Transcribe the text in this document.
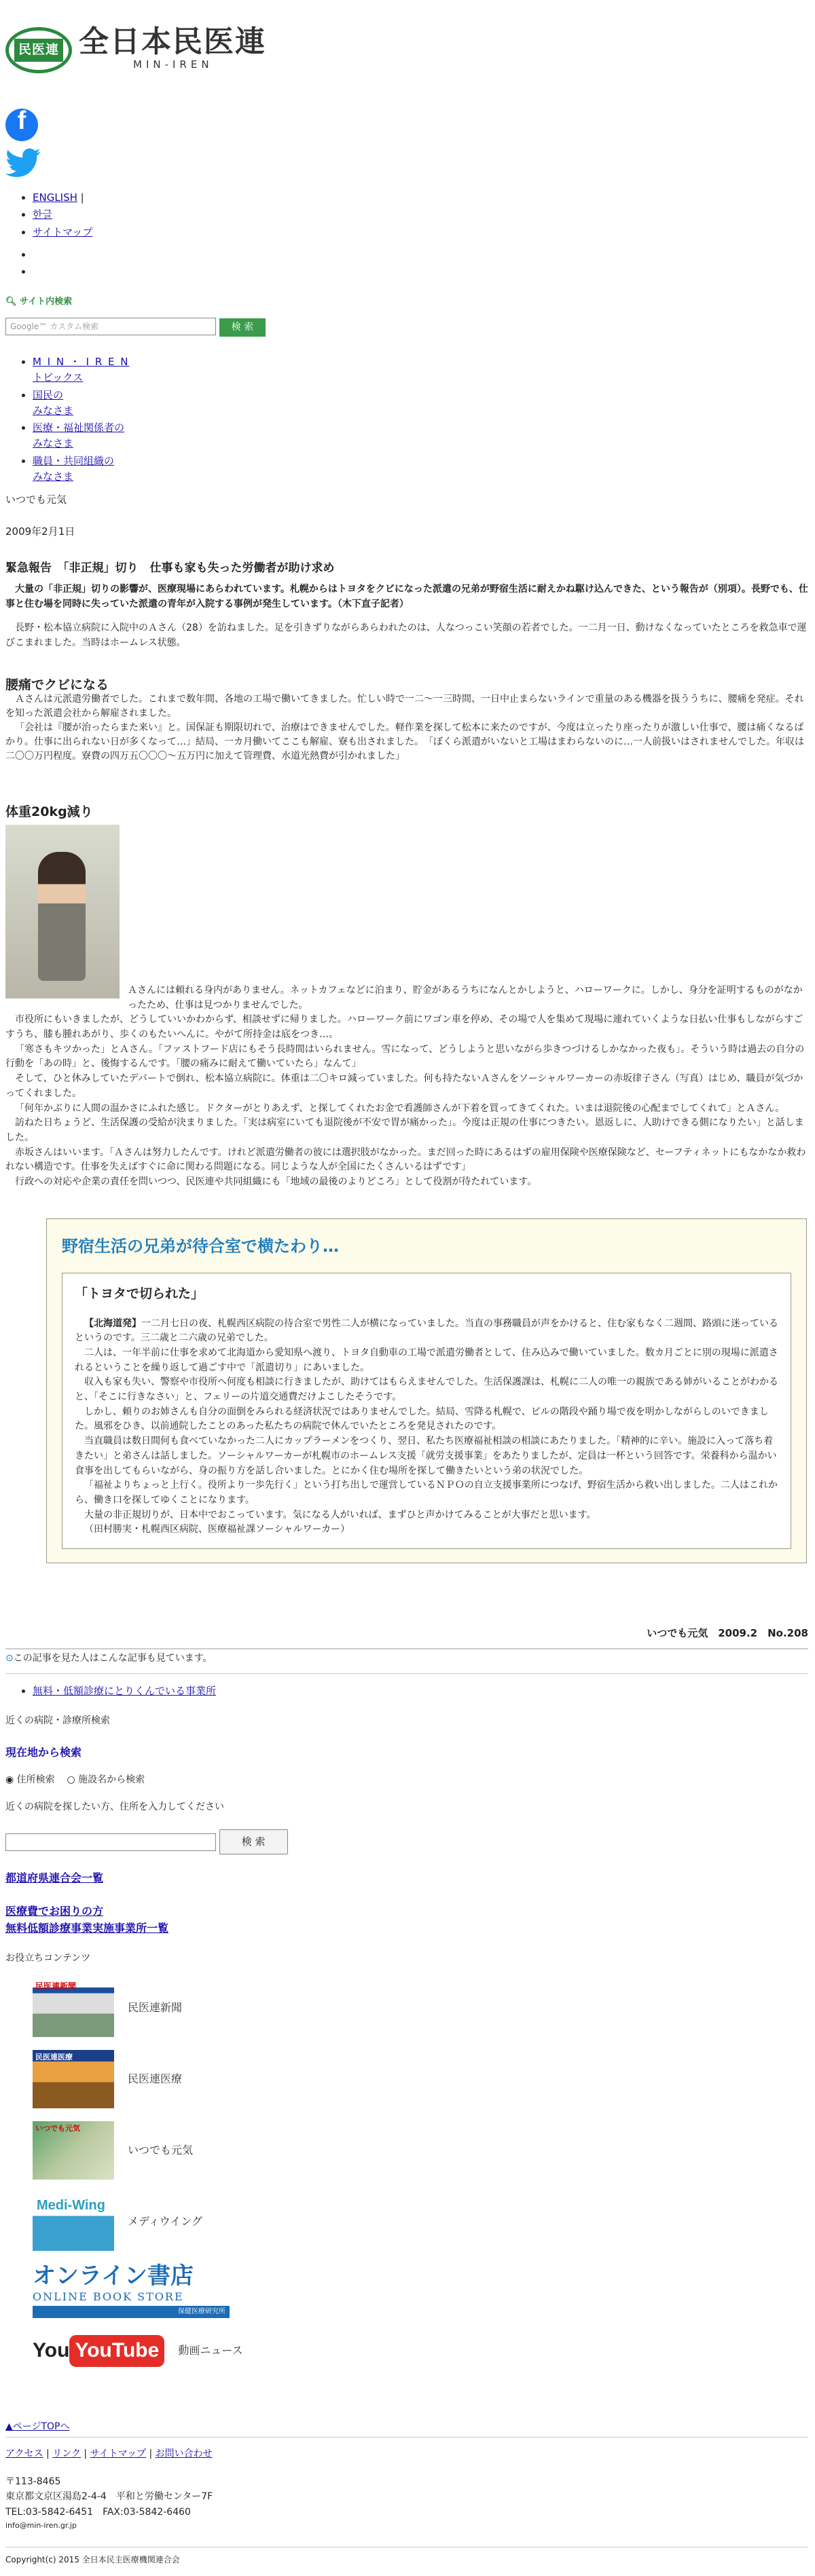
民医連 全日本民医連
MIN-IREN
f
• ENGLISH |
• 한글
• サイトマップ
•
•
🔍︎ サイト内検索
Google™ カスタム検索	検 索
• M I N ・ I R E N
トピックス
• 国民の
みなさま
• 医療・福祉関係者の
みなさま
• 職員・共同組織の
みなさま
いつでも元気
2009年2月1日
緊急報告　「非正規」切り　仕事も家も失った労働者が助け求め

大量の「非正規」切りの影響が、医療現場にあらわれています。札幌からはトヨタをクビになった派遣の兄弟が野宿生活に耐えかね駆け込んできた、という報告が（別項）。長野でも、仕事と住む場を同時に失っていた派遣の青年が入院する事例が発生しています。（木下直子記者）

長野・松本協立病院に入院中のＡさん（28）を訪ねました。足を引きずりながらあらわれたのは、人なつっこい笑顔の若者でした。一二月一日、動けなくなっていたところを救急車で運びこまれました。当時はホームレス状態。

腰痛でクビになる

Ａさんは元派遣労働者でした。これまで数年間、各地の工場で働いてきました。忙しい時で一二〜一三時間、一日中止まらないラインで重量のある機器を扱ううちに、腰痛を発症。それを知った派遣会社から解雇されました。

「会社は『腰が治ったらまた来い』と。国保証も期限切れで、治療はできませんでした。軽作業を探して松本に来たのですが、今度は立ったり座ったりが激しい仕事で、腰は痛くなるばかり。仕事に出られない日が多くなって…」結局、一カ月働いてここも解雇、寮も出されました。　「ぼくら派遣がいないと工場はまわらないのに…一人前扱いはされませんでした。年収は二〇〇万円程度。寮費の四万五〇〇〇〜五万円に加えて管理費、水道光熱費が引かれました」

体重20kg減り

Ａさんには頼れる身内がありません。ネットカフェなどに泊まり、貯金があるうちになんとかしようと、ハローワークに。しかし、身分を証明するものがなかったため、仕事は見つかりませんでした。

市役所にもいきましたが、どうしていいかわからず、相談せずに帰りました。ハローワーク前にワゴン車を停め、その場で人を集めて現場に連れていくような日払い仕事もしながらすごすうち、膝も腫れあがり、歩くのもたいへんに。やがて所持金は底をつき…。

「寒さもキツかった」とＡさん。「ファストフード店にもそう長時間はいられません。雪になって、どうしようと思いながら歩きつづけるしかなかった夜も」。そういう時は過去の自分の行動を「あの時」と、後悔するんです。「腰の痛みに耐えて働いていたら」なんて」

そして、ひと休みしていたデパートで倒れ、松本協立病院に。体重は二〇キロ減っていました。何も持たないＡさんをソーシャルワーカーの赤坂律子さん（写真）はじめ、職員が気づかってくれました。

「何年かぶりに人間の温かさにふれた感じ。ドクターがとりあえず、と探してくれたお金で看護師さんが下着を買ってきてくれた。いまは退院後の心配までしてくれて」とＡさん。

訪ねた日ちょうど、生活保護の受給が決まりました。「実は病室にいても退院後が不安で胃が痛かった」。今度は正規の仕事につきたい。恩返しに、人助けできる側になりたい」と話しました。

赤坂さんはいいます。「Ａさんは努力したんです。けれど派遣労働者の彼には選択肢がなかった。まだ回った時にあるはずの雇用保険や医療保険など、セーフティネットにもなかなか救われない構造です。仕事を失えばすぐに命に関わる問題になる。同じような人が全国にたくさんいるはずです」

行政への対応や企業の責任を問いつつ、民医連や共同組織にも「地域の最後のよりどころ」として役割が待たれています。

野宿生活の兄弟が待合室で横たわり…
「トヨタで切られた」

【北海道発】一二月七日の夜、札幌西区病院の待合室で男性二人が横になっていました。当直の事務職員が声をかけると、住む家もなく二週間、路頭に迷っているというのです。三二歳と二六歳の兄弟でした。

二人は、一年半前に仕事を求めて北海道から愛知県へ渡り、トヨタ自動車の工場で派遣労働者として、住み込みで働いていました。数カ月ごとに別の現場に派遣されるということを繰り返して過ごす中で「派遣切り」にあいました。

収入も家も失い、警察や市役所へ何度も相談に行きましたが、助けてはもらえませんでした。生活保護課は、札幌に二人の唯一の親族である姉がいることがわかると、「そこに行きなさい」と、フェリーの片道交通費だけよこしたそうです。

しかし、頼りのお姉さんも自分の面倒をみられる経済状況ではありませんでした。結局、雪降る札幌で、ビルの階段や踊り場で夜を明かしながらしのいできました。風邪をひき、以前通院したことのあった私たちの病院で休んでいたところを発見されたのです。

当直職員は数日間何も食べていなかった二人にカップラーメンをつくり、翌日、私たち医療福祉相談の相談にあたりました。「精神的に辛い。施設に入って落ち着きたい」と弟さんは話しました。ソーシャルワーカーが札幌市のホームレス支援「就労支援事業」をあたりましたが、定員は一杯という回答です。栄養科から温かい食事を出してもらいながら、身の振り方を話し合いました。とにかく住む場所を探して働きたいという弟の状況でした。

「福祉よりちょっと上行く。役所より一歩先行く」という打ち出しで運営しているＮＰＯの自立支援事業所につなげ、野宿生活から救い出しました。二人はこれから、働き口を探してゆくことになります。

大量の非正規切りが、日本中でおこっています。気になる人がいれば、まずひと声かけてみることが大事だと思います。

（田村勝実・札幌西区病院、医療福祉課ソーシャルワーカー）

いつでも元気　2009.2　No.208
⊙この記事を見た人はこんな記事も見ています。
• 無料・低額診療にとりくんでいる事業所
近くの病院・診療所検索
現在地から検索
◉ 住所検索 ○ 施設名から検索
近くの病院を探したい方、住所を入力してください
検 索
都道府県連合会一覧
医療費でお困りの方
無料低額診療事業実施事業所一覧
お役立ちコンテンツ
民医連新聞
民医連新聞
民医連医療
民医連医療
いつでも元気
いつでも元気
Medi-Wing
メディウイング
オンライン書店
ONLINE BOOK STORE
保健医療研究所
You YouTube	動画ニュース
▲ページTOPへ
アクセス | リンク | サイトマップ | お問い合わせ
〒113-8465
東京都文京区湯島2-4-4　平和と労働センター7F
TEL:03-5842-6451　FAX:03-5842-6460
info@min-iren.gr.jp
Copyright(c) 2015 全日本民主医療機関連合会
